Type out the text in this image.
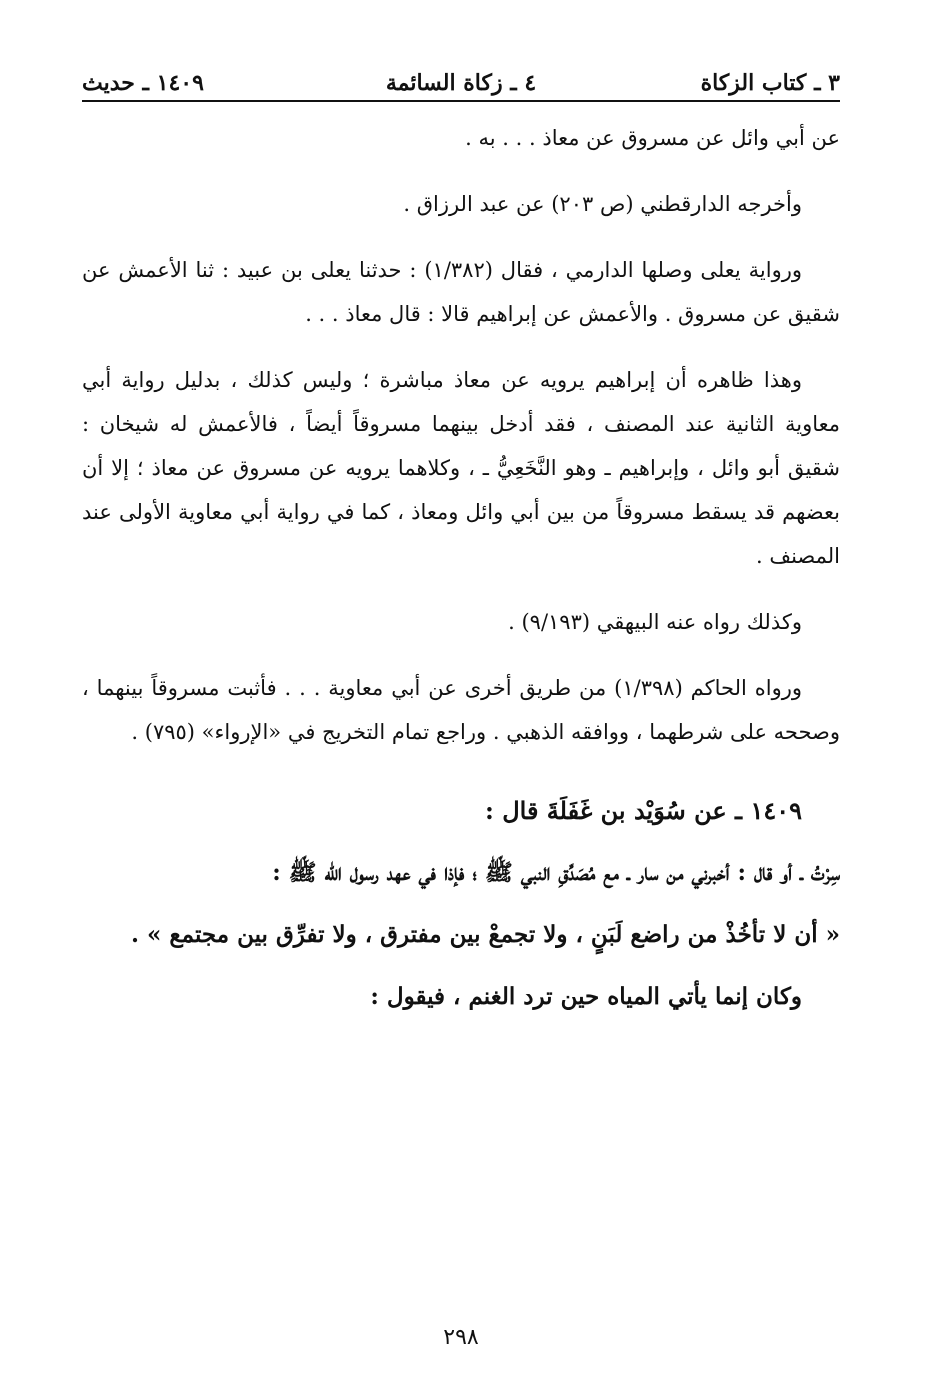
٣ ـ كتاب الزكاة
٤ ـ زكاة السائمة
١٤٠٩ ـ حديث

عن أبي وائل عن مسروق عن معاذ . . . به .

وأخرجه الدارقطني (ص ٢٠٣) عن عبد الرزاق .

ورواية يعلى وصلها الدارمي ، فقال (١/٣٨٢) : حدثنا يعلى بن عبيد : ثنا الأعمش عن شقيق عن مسروق . والأعمش عن إبراهيم قالا : قال معاذ . . .

وهذا ظاهره أن إبراهيم يرويه عن معاذ مباشرة ؛ وليس كذلك ، بدليل رواية أبي معاوية الثانية عند المصنف ، فقد أدخل بينهما مسروقاً أيضاً ، فالأعمش له شيخان : شقيق أبو وائل ، وإبراهيم ـ وهو النَّخَعِيُّ ـ ، وكلاهما يرويه عن مسروق عن معاذ ؛ إلا أن بعضهم قد يسقط مسروقاً من بين أبي وائل ومعاذ ، كما في رواية أبي معاوية الأولى عند المصنف .

وكذلك رواه عنه البيهقي (٩/١٩٣) .

ورواه الحاكم (١/٣٩٨) من طريق أخرى عن أبي معاوية . . . فأثبت مسروقاً بينهما ، وصححه على شرطهما ، ووافقه الذهبي . وراجع تمام التخريج في «الإرواء» (٧٩٥) .

١٤٠٩ ـ عن سُوَيْد بن غَفَلَةَ قال :

سِرْتُ ـ أو قال : أخبرني من سار ـ مع مُصَدِّقِ النبي ﷺ ؛ فإذا في عهد رسول الله ﷺ :

« أن لا تأخُذْ من راضع لَبَنٍ ، ولا تجمعْ بين مفترق ، ولا تفرِّق بين مجتمع » .

وكان إنما يأتي المياه حين ترد الغنم ، فيقول :

٢٩٨
